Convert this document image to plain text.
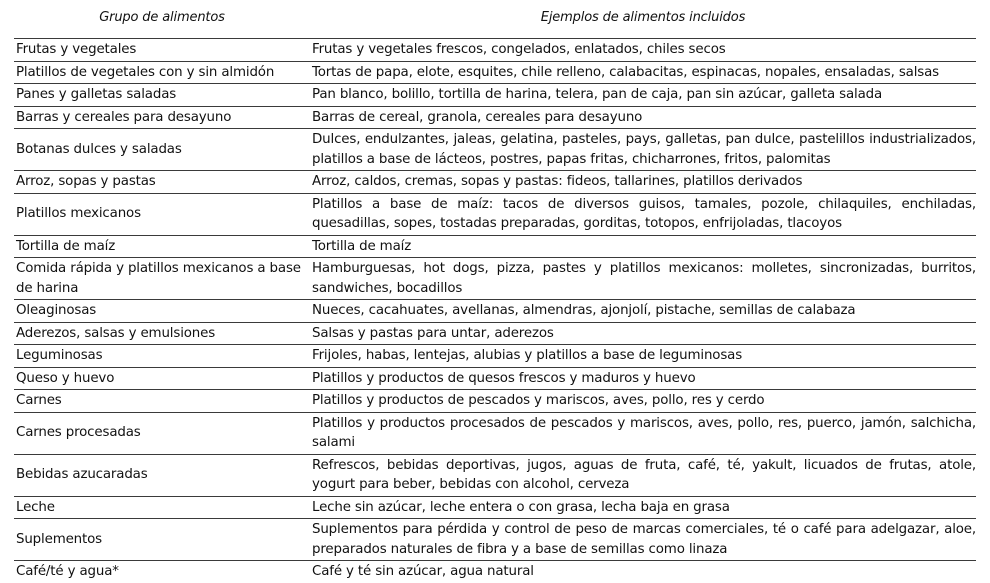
Grupo de alimentos	Ejemplos de alimentos incluidos
Frutas y vegetales	Frutas y vegetales frescos, congelados, enlatados, chiles secos
Platillos de vegetales con y sin almidón	Tortas de papa, elote, esquites, chile relleno, calabacitas, espinacas, nopales, ensaladas, salsas
Panes y galletas saladas	Pan blanco, bolillo, tortilla de harina, telera, pan de caja, pan sin azúcar, galleta salada
Barras y cereales para desayuno	Barras de cereal, granola, cereales para desayuno
Botanas dulces y saladas	Dulces, endulzantes, jaleas, gelatina, pasteles, pays, galletas, pan dulce, pastelillos industrializados, platillos a base de lácteos, postres, papas fritas, chicharrones, fritos, palomitas
Arroz, sopas y pastas	Arroz, caldos, cremas, sopas y pastas: fideos, tallarines, platillos derivados
Platillos mexicanos	Platillos a base de maíz: tacos de diversos guisos, tamales, pozole, chilaquiles, enchiladas, quesadillas, sopes, tostadas preparadas, gorditas, totopos, enfrijoladas, tlacoyos
Tortilla de maíz	Tortilla de maíz
Comida rápida y platillos mexicanos a base de harina	Hamburguesas, hot dogs, pizza, pastes y platillos mexicanos: molletes, sincronizadas, burritos, sandwiches, bocadillos
Oleaginosas	Nueces, cacahuates, avellanas, almendras, ajonjolí, pistache, semillas de calabaza
Aderezos, salsas y emulsiones	Salsas y pastas para untar, aderezos
Leguminosas	Frijoles, habas, lentejas, alubias y platillos a base de leguminosas
Queso y huevo	Platillos y productos de quesos frescos y maduros y huevo
Carnes	Platillos y productos de pescados y mariscos, aves, pollo, res y cerdo
Carnes procesadas	Platillos y productos procesados de pescados y mariscos, aves, pollo, res, puerco, jamón, salchicha, salami
Bebidas azucaradas	Refrescos, bebidas deportivas, jugos, aguas de fruta, café, té, yakult, licuados de frutas, atole, yogurt para beber, bebidas con alcohol, cerveza
Leche	Leche sin azúcar, leche entera o con grasa, lecha baja en grasa
Suplementos	Suplementos para pérdida y control de peso de marcas comerciales, té o café para adelgazar, aloe, preparados naturales de fibra y a base de semillas como linaza
Café/té y agua*	Café y té sin azúcar, agua natural
